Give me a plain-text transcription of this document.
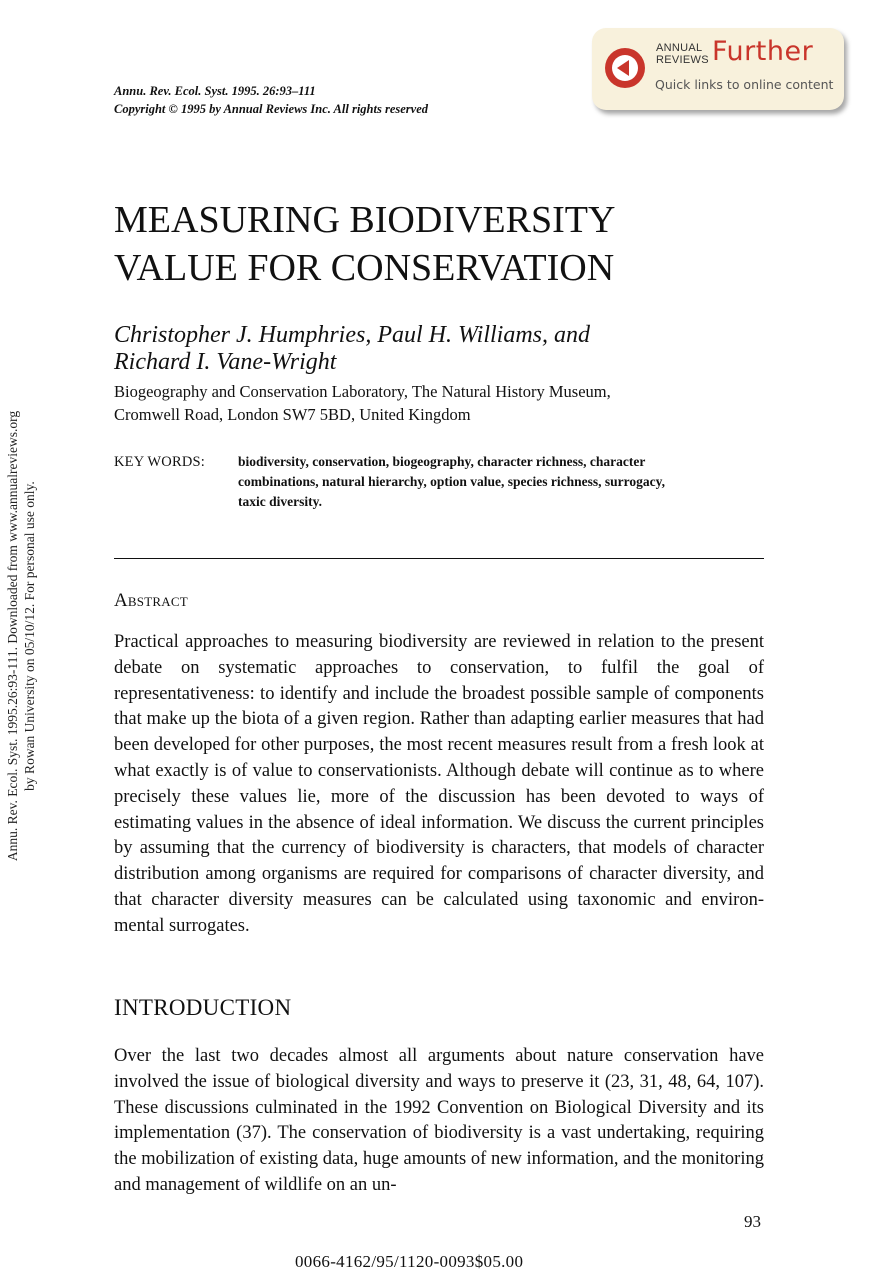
Annu. Rev. Ecol. Syst. 1995. 26:93–111
Copyright © 1995 by Annual Reviews Inc. All rights reserved
ANNUAL
REVIEWS Further
Quick links to online content
Annu. Rev. Ecol. Syst. 1995.26:93-111. Downloaded from www.annualreviews.org by Rowan University on 05/10/12. For personal use only.
MEASURING BIODIVERSITY
VALUE FOR CONSERVATION
Christopher J. Humphries, Paul H. Williams, and
Richard I. Vane-Wright
Biogeography and Conservation Laboratory, The Natural History Museum,
Cromwell Road, London SW7 5BD, United Kingdom
KEY WORDS: biodiversity, conservation, biogeography, character richness, character
combinations, natural hierarchy, option value, species richness, surrogacy,
taxic diversity.
Abstract

Practical approaches to measuring biodiversity are reviewed in relation to the present debate on systematic approaches to conservation, to fulfil the goal of representativeness: to identify and include the broadest possible sample of components that make up the biota of a given region. Rather than adapting earlier measures that had been developed for other purposes, the most recent measures result from a fresh look at what exactly is of value to conservationists. Although debate will continue as to where precisely these values lie, more of the discussion has been devoted to ways of estimating values in the absence of ideal information. We discuss the current principles by assuming that the currency of biodiversity is characters, that models of character distribution among organisms are required for comparisons of character diversity, and that character diversity measures can be calculated using taxonomic and environ-mental surrogates.

INTRODUCTION

Over the last two decades almost all arguments about nature conservation have involved the issue of biological diversity and ways to preserve it (23, 31, 48, 64, 107). These discussions culminated in the 1992 Convention on Biological Diversity and its implementation (37). The conservation of biodiversity is a vast undertaking, requiring the mobilization of existing data, huge amounts of new information, and the monitoring and management of wildlife on an un-

93
0066-4162/95/1120-0093$05.00
